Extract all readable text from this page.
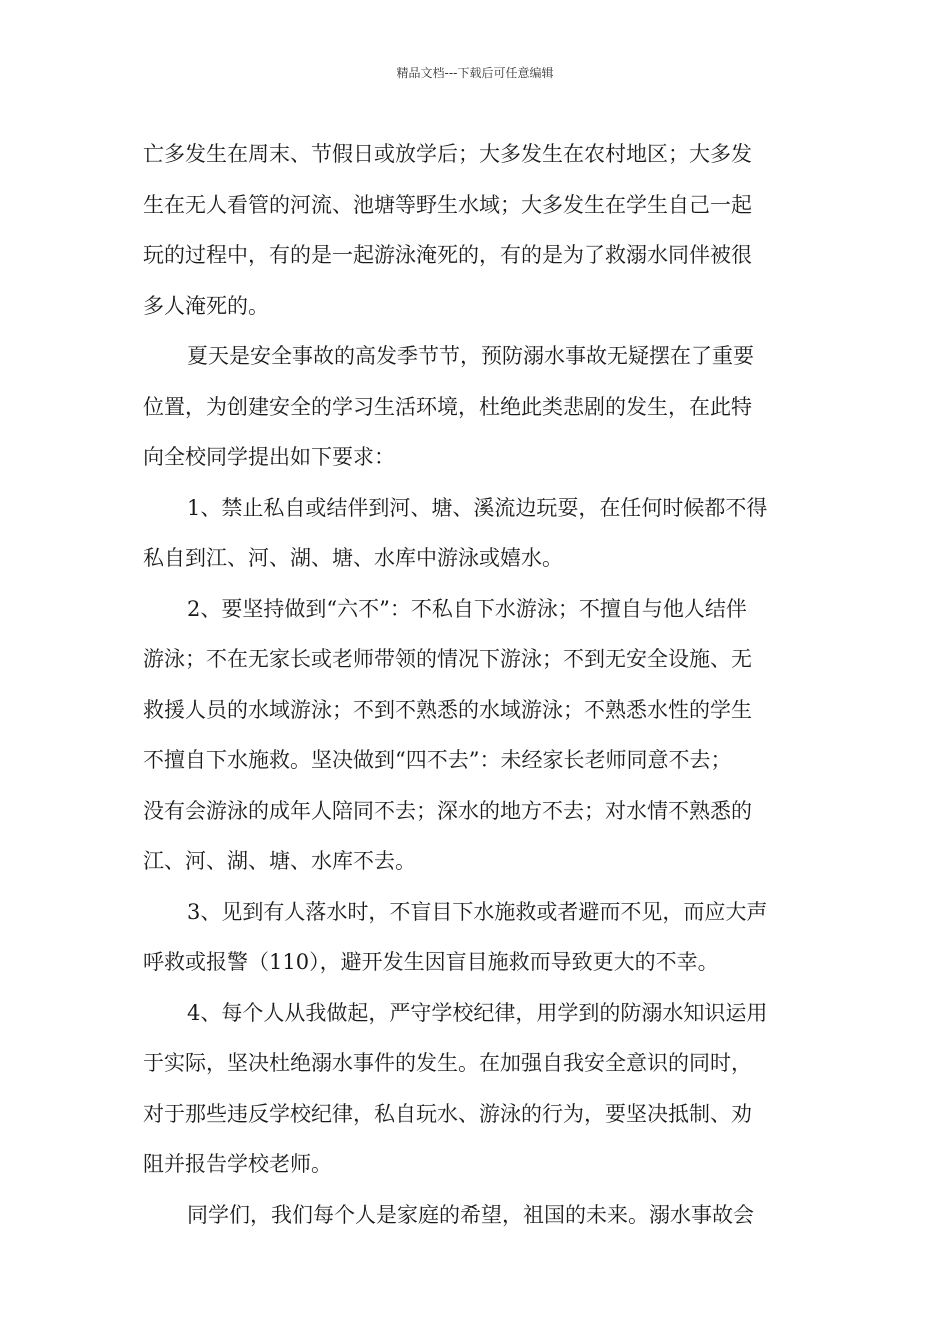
精品文档---下载后可任意编辑
亡多发生在周末、节假日或放学后；大多发生在农村地区；大多发
生在无人看管的河流、池塘等野生水域；大多发生在学生自己一起
玩的过程中，有的是一起游泳淹死的，有的是为了救溺水同伴被很
多人淹死的。
夏天是安全事故的高发季节节，预防溺水事故无疑摆在了重要
位置，为创建安全的学习生活环境，杜绝此类悲剧的发生，在此特
向全校同学提出如下要求：
1、禁止私自或结伴到河、塘、溪流边玩耍，在任何时候都不得
私自到江、河、湖、塘、水库中游泳或嬉水。
2、要坚持做到“六不”：不私自下水游泳；不擅自与他人结伴
游泳；不在无家长或老师带领的情况下游泳；不到无安全设施、无
救援人员的水域游泳；不到不熟悉的水域游泳；不熟悉水性的学生
不擅自下水施救。坚决做到“四不去”：未经家长老师同意不去；
没有会游泳的成年人陪同不去；深水的地方不去；对水情不熟悉的
江、河、湖、塘、水库不去。
3、见到有人落水时，不盲目下水施救或者避而不见，而应大声
呼救或报警（110），避开发生因盲目施救而导致更大的不幸。
4、每个人从我做起，严守学校纪律，用学到的防溺水知识运用
于实际，坚决杜绝溺水事件的发生。在加强自我安全意识的同时，
对于那些违反学校纪律，私自玩水、游泳的行为，要坚决抵制、劝
阻并报告学校老师。
同学们，我们每个人是家庭的希望，祖国的未来。溺水事故会
